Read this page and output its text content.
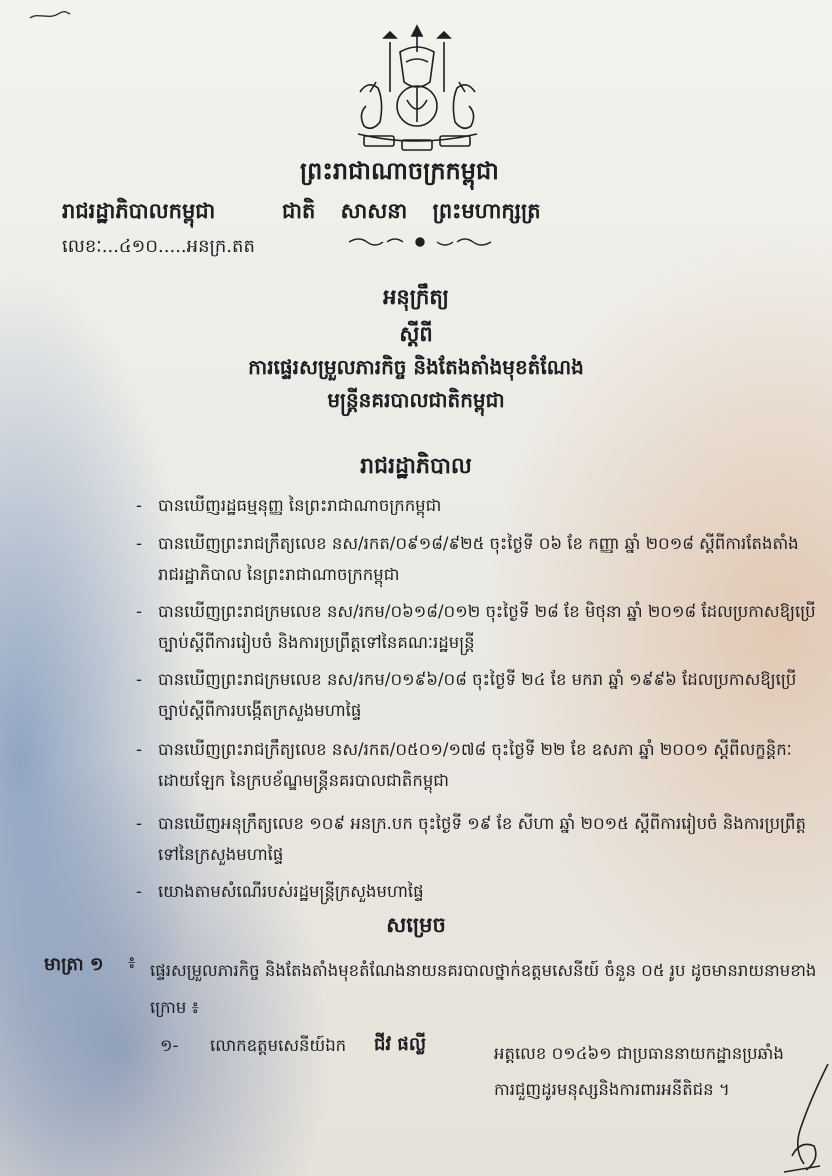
ព្រះរាជាណាចក្រកម្ពុជា
រាជរដ្ឋាភិបាលកម្ពុជា	ជាតិ សាសនា ព្រះមហាក្សត្រ
លេខៈ...៤១០.....អនក្រ.តត
អនុក្រឹត្យ
ស្ដីពី
ការផ្ទេរសម្រួលភារកិច្ច និងតែងតាំងមុខតំណែង
មន្ត្រីនគរបាលជាតិកម្ពុជា
រាជរដ្ឋាភិបាល
- បានឃើញរដ្ឋធម្មនុញ្ញ នៃព្រះរាជាណាចក្រកម្ពុជា
- បានឃើញព្រះរាជក្រឹត្យលេខ នស/រកត/០៩១៨/៩២៥ ចុះថ្ងៃទី ០៦ ខែ កញ្ញា ឆ្នាំ ២០១៨ ស្ដីពីការតែងតាំងរាជរដ្ឋាភិបាល នៃព្រះរាជាណាចក្រកម្ពុជា
- បានឃើញព្រះរាជក្រមលេខ នស/រកម/០៦១៨/០១២ ចុះថ្ងៃទី ២៨ ខែ មិថុនា ឆ្នាំ ២០១៨ ដែលប្រកាសឱ្យប្រើច្បាប់ស្ដីពីការរៀបចំ និងការប្រព្រឹត្តទៅនៃគណៈរដ្ឋមន្ត្រី
- បានឃើញព្រះរាជក្រមលេខ នស/រកម/០១៩៦/០៨ ចុះថ្ងៃទី ២៤ ខែ មករា ឆ្នាំ ១៩៩៦ ដែលប្រកាសឱ្យប្រើច្បាប់ស្ដីពីការបង្កើតក្រសួងមហាផ្ទៃ
- បានឃើញព្រះរាជក្រឹត្យលេខ នស/រកត/០៥០១/១៧៨ ចុះថ្ងៃទី ២២ ខែ ឧសភា ឆ្នាំ ២០០១ ស្ដីពីលក្ខន្តិកៈដោយឡែក នៃក្របខ័ណ្ឌមន្ត្រីនគរបាលជាតិកម្ពុជា
- បានឃើញអនុក្រឹត្យលេខ ១០៩ អនក្រ.បក ចុះថ្ងៃទី ១៩ ខែ សីហា ឆ្នាំ ២០១៥ ស្ដីពីការរៀបចំ និងការប្រព្រឹត្តទៅនៃក្រសួងមហាផ្ទៃ
- យោងតាមសំណើរបស់រដ្ឋមន្ត្រីក្រសួងមហាផ្ទៃ
សម្រេច
មាត្រា ១ ៖ ផ្ទេរសម្រួលភារកិច្ច និងតែងតាំងមុខតំណែងនាយនគរបាលថ្នាក់ឧត្ដមសេនីយ៍ ចំនួន ០៥ រូប ដូចមានរាយនាមខាងក្រោម ៖
១- លោកឧត្ដមសេនីយ៍ឯក ជីវ ផល្លី	អត្តលេខ ០១៤៦១ ជាប្រធាននាយកដ្ឋានប្រឆាំងការជួញដូរមនុស្សនិងការពារអនីតិជន ។
